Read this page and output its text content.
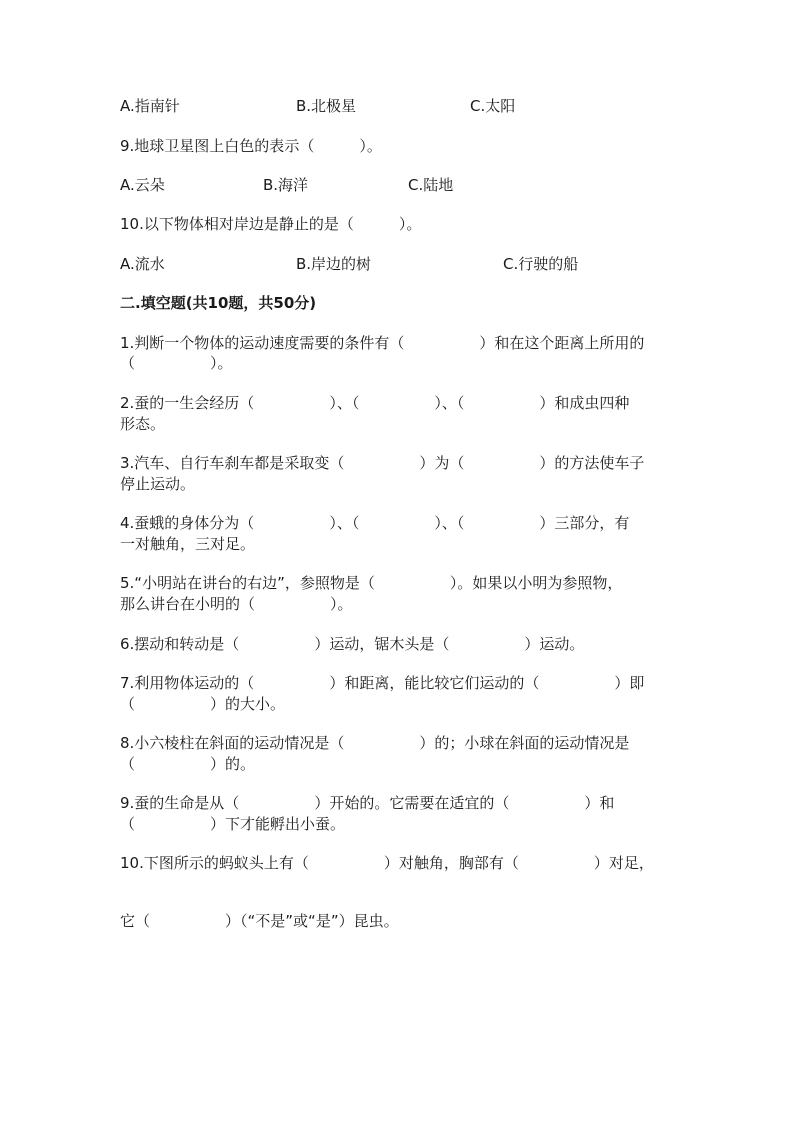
A.指南针	B.北极星	C.太阳
9.地球卫星图上白色的表示（　　　）。
A.云朵	B.海洋	C.陆地
10.以下物体相对岸边是静止的是（　　　）。
A.流水	B.岸边的树	C.行驶的船
二.填空题(共10题，共50分)
1.判断一个物体的运动速度需要的条件有（　　　　　）和在这个距离上所用的
（　　　　　）。
2.蚕的一生会经历（　　　　　）、（　　　　　）、（　　　　　）和成虫四种
形态。
3.汽车、自行车刹车都是采取变（　　　　　）为（　　　　　）的方法使车子
停止运动。
4.蚕蛾的身体分为（　　　　　）、（　　　　　）、（　　　　　）三部分，有
一对触角，三对足。
5.“小明站在讲台的右边”，参照物是（　　　　　）。如果以小明为参照物，
那么讲台在小明的（　　　　　）。
6.摆动和转动是（　　　　　）运动，锯木头是（　　　　　）运动。
7.利用物体运动的（　　　　　）和距离，能比较它们运动的（　　　　　）即
（　　　　　）的大小。
8.小六棱柱在斜面的运动情况是（　　　　　）的；小球在斜面的运动情况是
（　　　　　）的。
9.蚕的生命是从（　　　　　）开始的。它需要在适宜的（　　　　　）和
（　　　　　）下才能孵出小蚕。
10.下图所示的蚂蚁头上有（　　　　　）对触角，胸部有（　　　　　）对足，
它（　　　　　）（“不是”或“是”）昆虫。
